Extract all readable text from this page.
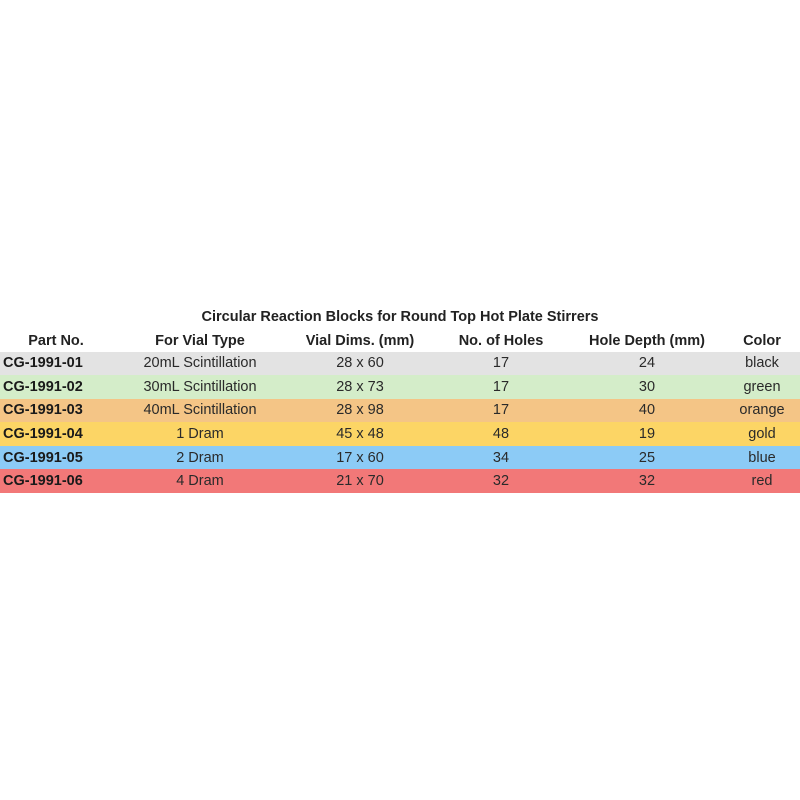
Circular Reaction Blocks for Round Top Hot Plate Stirrers
Part No.	For Vial Type	Vial Dims. (mm)	No. of Holes	Hole Depth (mm)	Color
CG-1991-01	20mL Scintillation	28 x 60	17	24	black
CG-1991-02	30mL Scintillation	28 x 73	17	30	green
CG-1991-03	40mL Scintillation	28 x 98	17	40	orange
CG-1991-04	1 Dram	45 x 48	48	19	gold
CG-1991-05	2 Dram	17 x 60	34	25	blue
CG-1991-06	4 Dram	21 x 70	32	32	red
